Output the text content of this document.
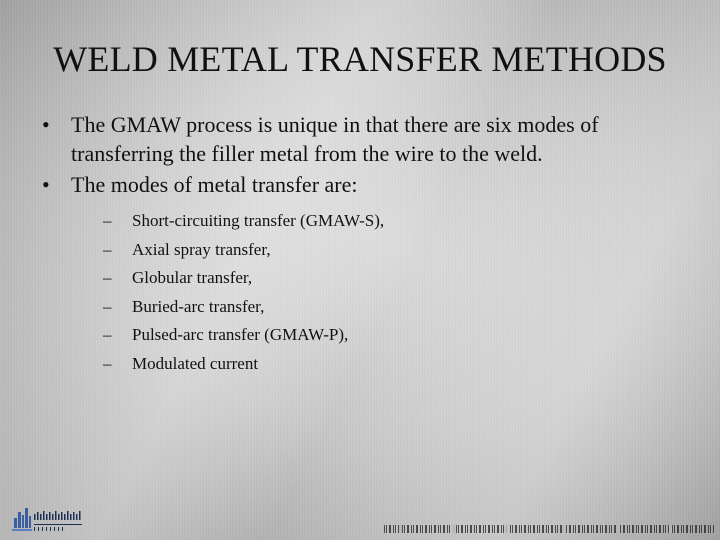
WELD METAL TRANSFER METHODS
• The GMAW process is unique in that there are six modes of transferring the filler metal from the wire to the weld.
• The modes of metal transfer are:
– Short-circuiting transfer (GMAW-S),
– Axial spray transfer,
– Globular transfer,
– Buried-arc transfer,
– Pulsed-arc transfer (GMAW-P),
– Modulated current
